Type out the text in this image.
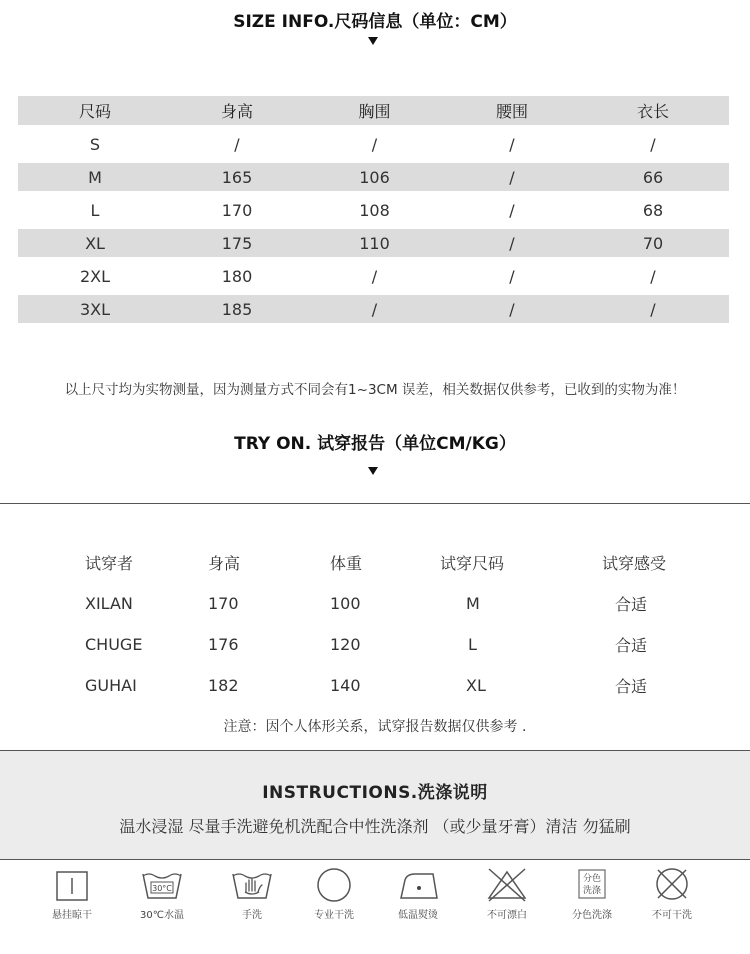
SIZE INFO.尺码信息（单位：CM）
尺码	身高	胸围	腰围	衣长
S	/	/	/	/
M	165	106	/	66
L	170	108	/	68
XL	175	110	/	70
2XL	180	/	/	/
3XL	185	/	/	/
以上尺寸均为实物测量，因为测量方式不同会有1~3CM 误差，相关数据仅供参考，已收到的实物为准！
TRY ON. 试穿报告（单位CM/KG）
试穿者	身高	体重	试穿尺码	试穿感受
XILAN	170	100	M	合适
CHUGE	176	120	L	合适
GUHAI	182	140	XL	合适
注意：因个人体形关系，试穿报告数据仅供参考 .
INSTRUCTIONS.洗涤说明
温水浸湿 尽量手洗避免机洗配合中性洗涤剂 （或少量牙膏）清洁 勿猛刷
悬挂晾干
30°C
30℃水温	手洗	专业干洗	低温熨烫	不可漂白
分色
洗涤
分色洗涤	不可干洗
